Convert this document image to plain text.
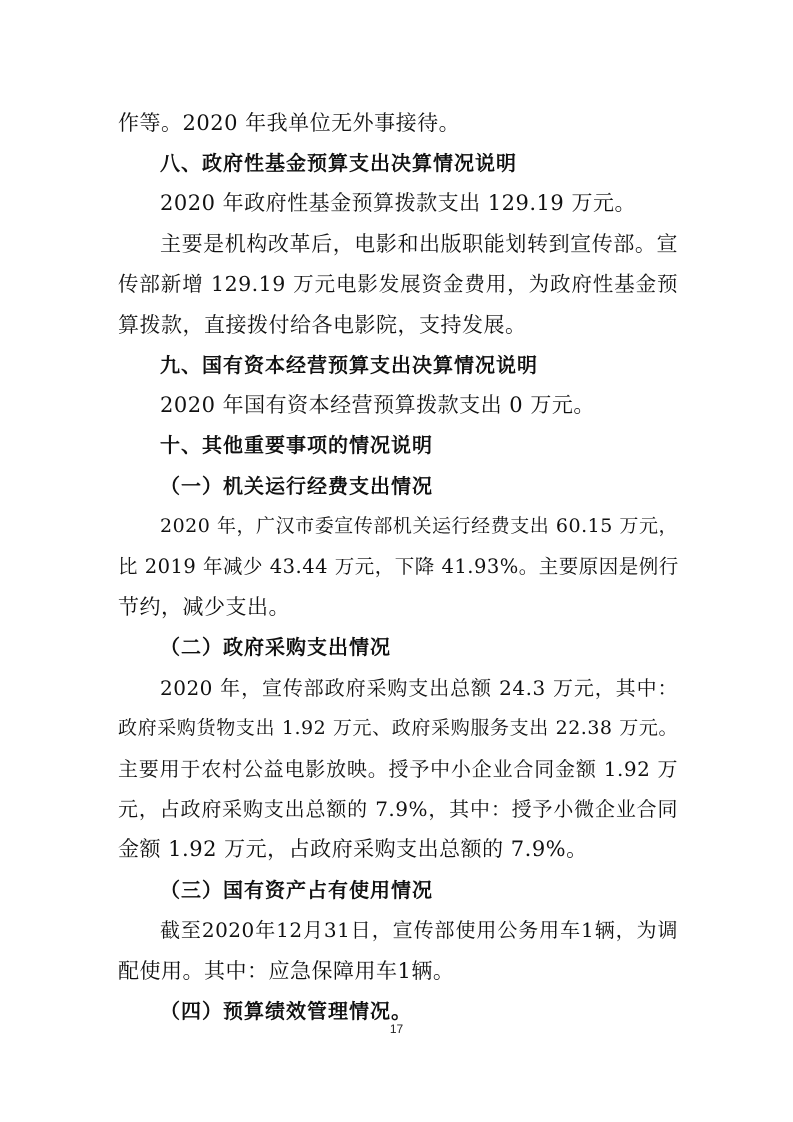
作等。2020 年我单位无外事接待。
八、政府性基金预算支出决算情况说明
2020 年政府性基金预算拨款支出 129.19 万元。
主要是机构改革后，电影和出版职能划转到宣传部。宣
传部新增 129.19 万元电影发展资金费用，为政府性基金预
算拨款，直接拨付给各电影院，支持发展。
九、国有资本经营预算支出决算情况说明
2020 年国有资本经营预算拨款支出 0 万元。
十、其他重要事项的情况说明
（一）机关运行经费支出情况
2020 年，广汉市委宣传部机关运行经费支出 60.15 万元，
比 2019 年减少 43.44 万元，下降 41.93%。主要原因是例行
节约，减少支出。
（二）政府采购支出情况
2020 年，宣传部政府采购支出总额 24.3 万元，其中：
政府采购货物支出 1.92 万元、政府采购服务支出 22.38 万元。
主要用于农村公益电影放映。授予中小企业合同金额 1.92 万
元，占政府采购支出总额的 7.9%，其中：授予小微企业合同
金额 1.92 万元，占政府采购支出总额的 7.9%。
（三）国有资产占有使用情况
截至2020年12月31日，宣传部使用公务用车1辆，为调
配使用。其中：应急保障用车1辆。
（四）预算绩效管理情况。
17
